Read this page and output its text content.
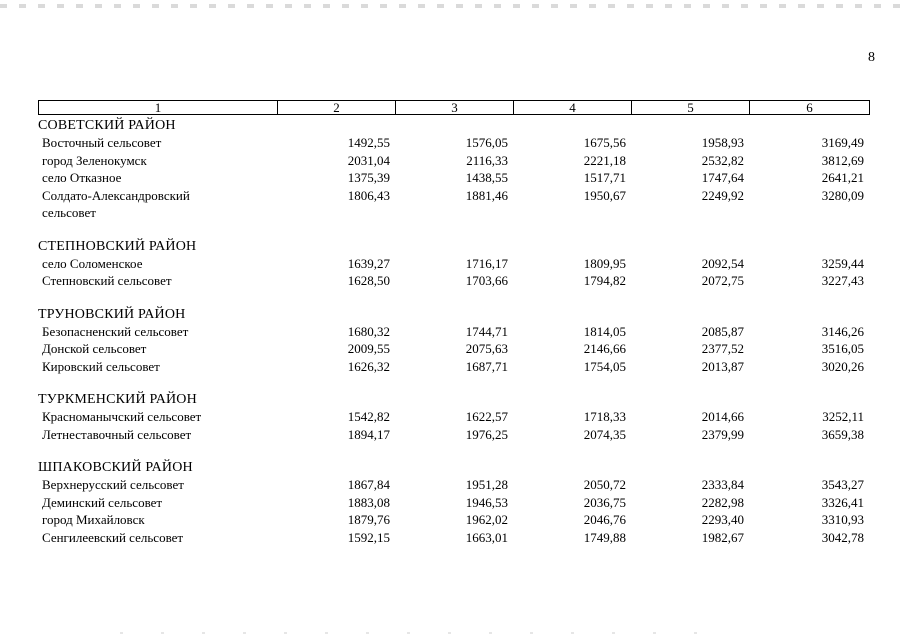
8
1	2	3	4	5	6
СОВЕТСКИЙ РАЙОН
Восточный сельсовет	1492,55	1576,05	1675,56	1958,93	3169,49
город Зеленокумск	2031,04	2116,33	2221,18	2532,82	3812,69
село Отказное	1375,39	1438,55	1517,71	1747,64	2641,21
Солдато-Александровский	1806,43	1881,46	1950,67	2249,92	3280,09
сельсовет
СТЕПНОВСКИЙ РАЙОН
село Соломенское	1639,27	1716,17	1809,95	2092,54	3259,44
Степновский сельсовет	1628,50	1703,66	1794,82	2072,75	3227,43
ТРУНОВСКИЙ РАЙОН
Безопасненский сельсовет	1680,32	1744,71	1814,05	2085,87	3146,26
Донской сельсовет	2009,55	2075,63	2146,66	2377,52	3516,05
Кировский сельсовет	1626,32	1687,71	1754,05	2013,87	3020,26
ТУРКМЕНСКИЙ РАЙОН
Красноманычский сельсовет	1542,82	1622,57	1718,33	2014,66	3252,11
Летнеставочный сельсовет	1894,17	1976,25	2074,35	2379,99	3659,38
ШПАКОВСКИЙ РАЙОН
Верхнерусский сельсовет	1867,84	1951,28	2050,72	2333,84	3543,27
Деминский сельсовет	1883,08	1946,53	2036,75	2282,98	3326,41
город Михайловск	1879,76	1962,02	2046,76	2293,40	3310,93
Сенгилеевский сельсовет	1592,15	1663,01	1749,88	1982,67	3042,78
